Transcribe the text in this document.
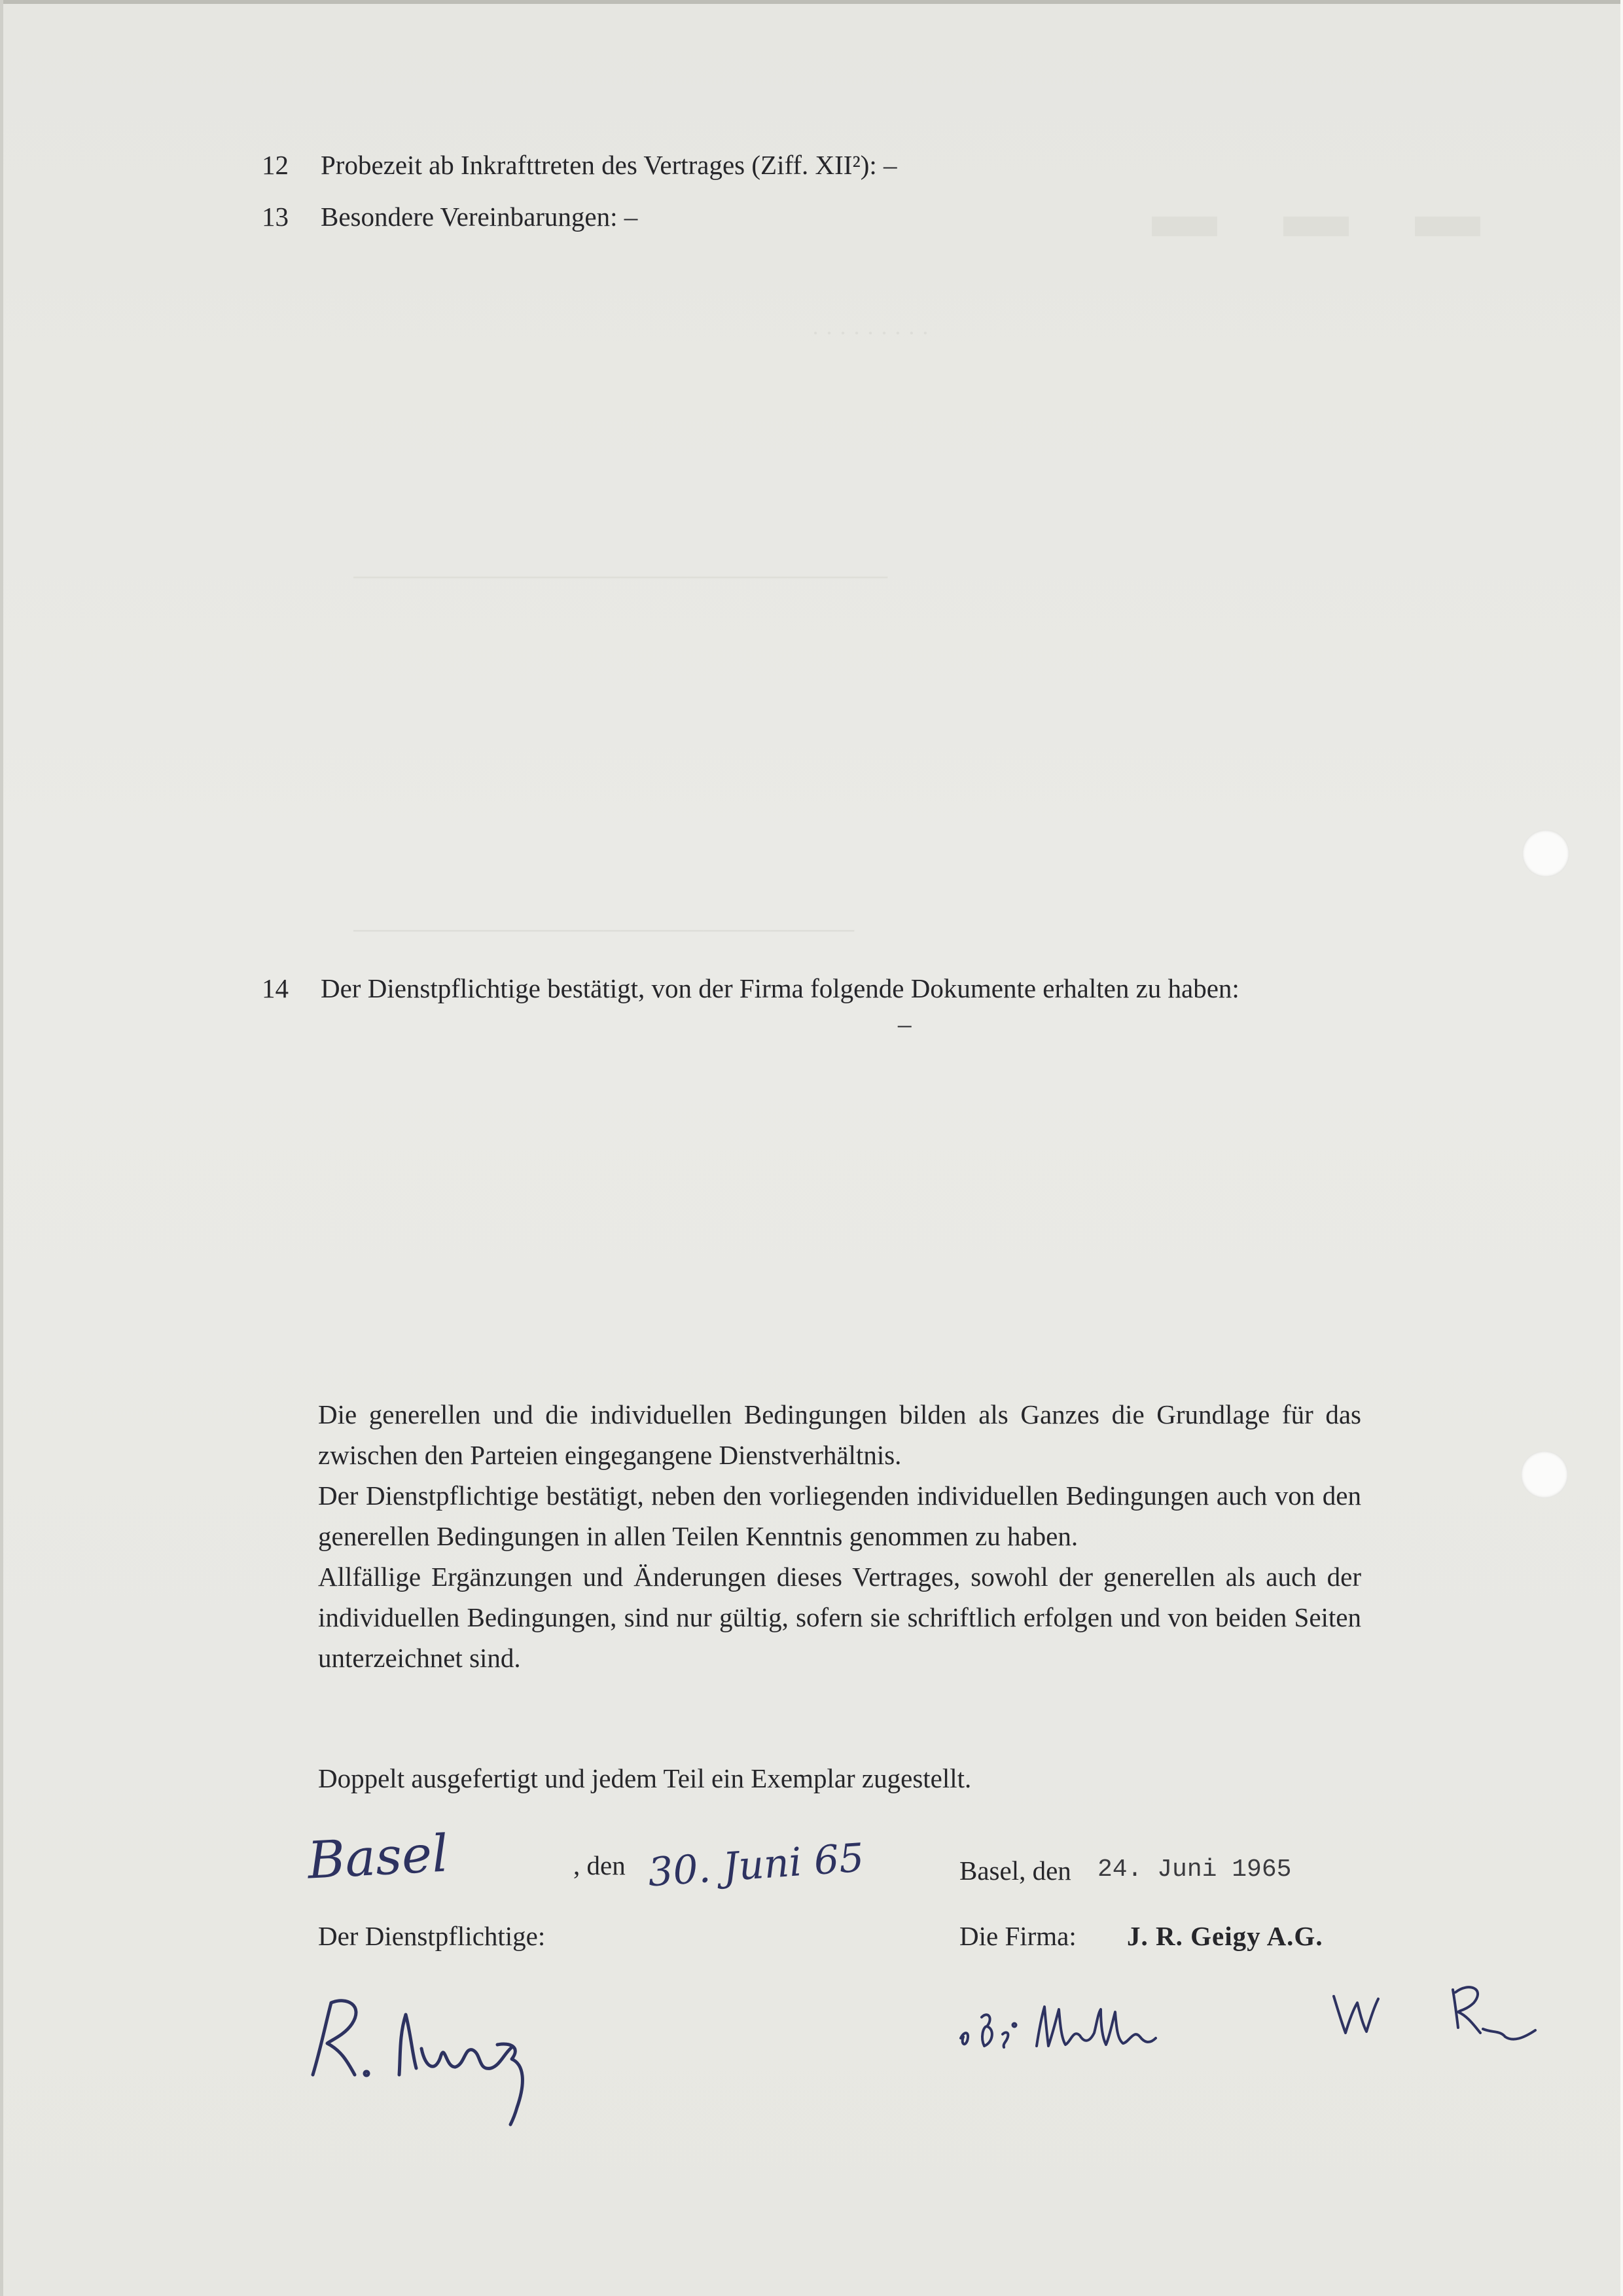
▬ ▬ ▬
· · · · · · · · ·
────────────────────────────────
──────────────────────────────
12 Probezeit ab Inkrafttreten des Vertrages (Ziff. XII²): –
13 Besondere Vereinbarungen: –
14 Der Dienstpflichtige bestätigt, von der Firma folgende Dokumente erhalten zu haben:
–

Die generellen und die individuellen Bedingungen bilden als Ganzes die Grundlage für das zwischen den Parteien eingegangene Dienstverhältnis.

Der Dienstpflichtige bestätigt, neben den vorliegenden individuellen Bedingungen auch von den generellen Bedingungen in allen Teilen Kenntnis genommen zu haben.

Allfällige Ergänzungen und Änderungen dieses Vertrages, sowohl der generellen als auch der individuellen Bedingungen, sind nur gültig, sofern sie schriftlich erfolgen und von beiden Seiten unterzeichnet sind.

Doppelt ausgefertigt und jedem Teil ein Exemplar zugestellt.
Basel	, den 30. Juni 65	Basel, den 24. Juni 1965
Der Dienstpflichtige:	Die Firma: J. R. Geigy A.G.
